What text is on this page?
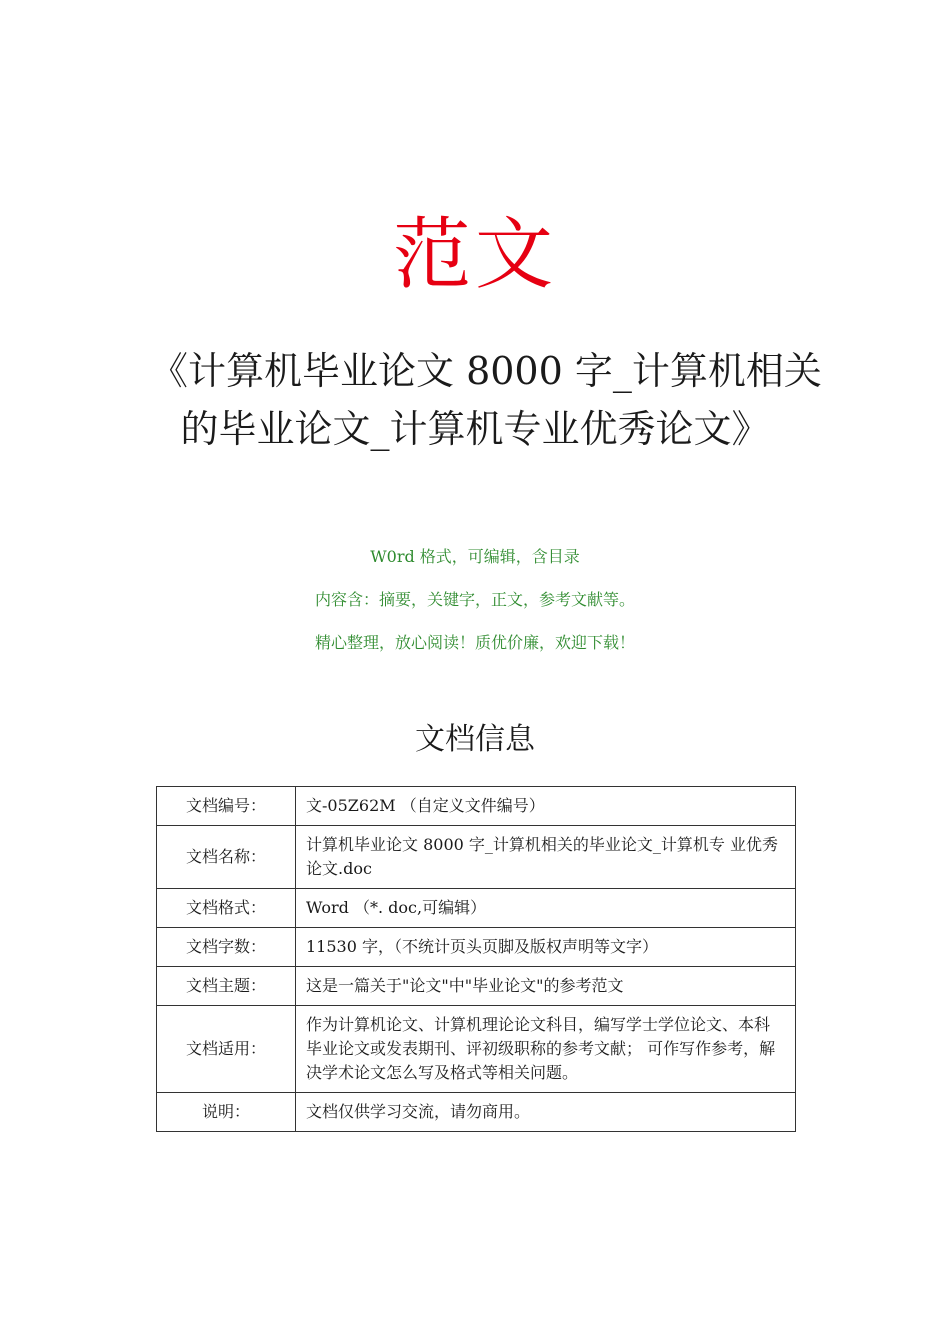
范文
《计算机毕业论文 8000 字_计算机相关
的毕业论文_计算机专业优秀论文》
W0rd 格式，可编辑，含目录
内容含：摘要，关键字，正文，参考文献等。
精心整理，放心阅读！质优价廉，欢迎下载！
文档信息
文档编号：	文-05Z62M （自定义文件编号）
文档名称：	计算机毕业论文 8000 字_计算机相关的毕业论文_计算机专 业优秀论文.doc
文档格式：	Word （*. doc,可编辑）
文档字数：	11530 字，（不统计页头页脚及版权声明等文字）
文档主题：	这是一篇关于"论文"中"毕业论文"的参考范文
文档适用：	作为计算机论文、计算机理论论文科目，编写学士学位论文、本科毕业论文或发表期刊、评初级职称的参考文献； 可作写作参考，解决学术论文怎么写及格式等相关问题。
说明：	文档仅供学习交流，请勿商用。
